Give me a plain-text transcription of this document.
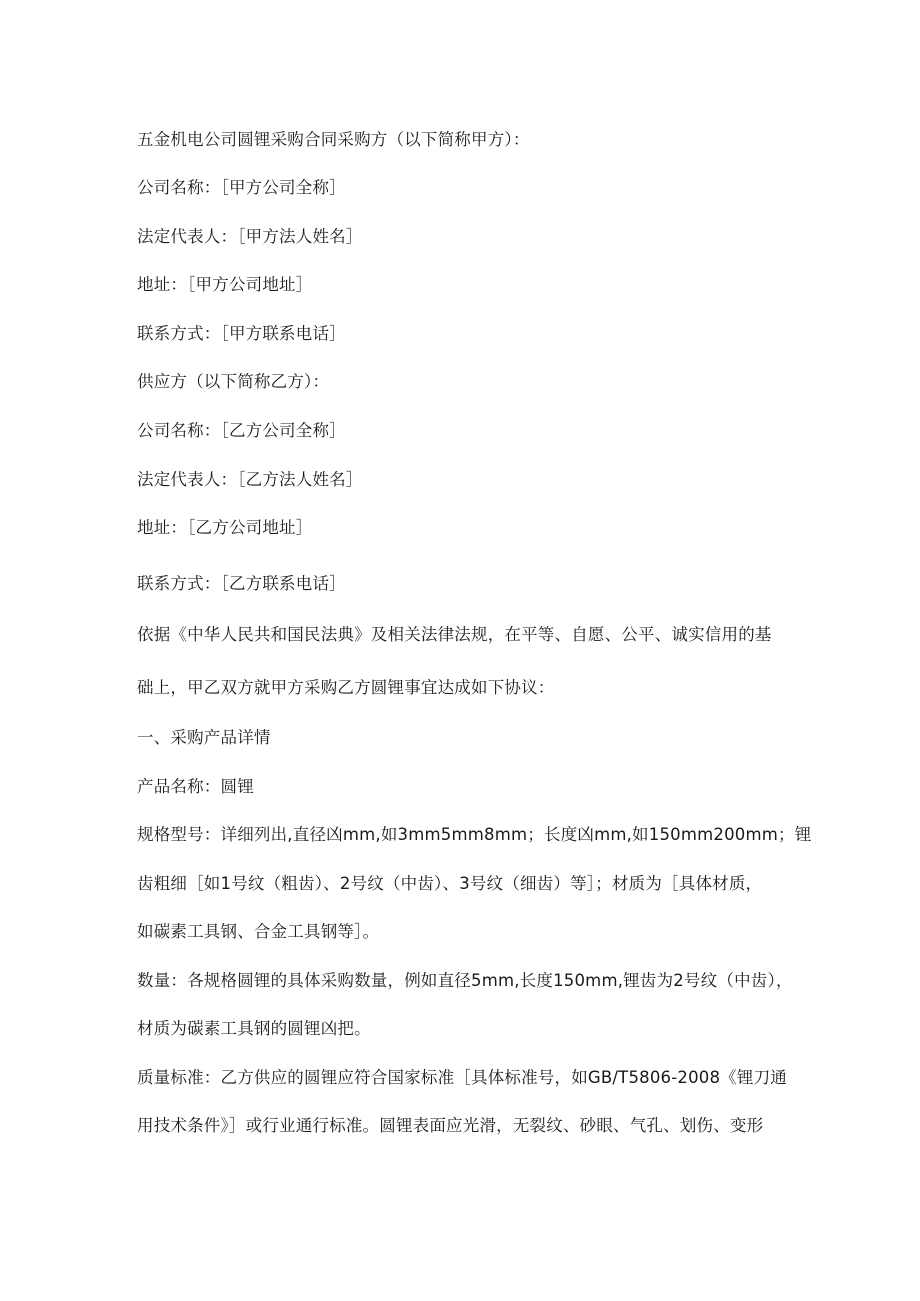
五金机电公司圆锂采购合同采购方（以下简称甲方）：
公司名称：［甲方公司全称］
法定代表人：［甲方法人姓名］
地址：［甲方公司地址］
联系方式：［甲方联系电话］
供应方（以下简称乙方）：
公司名称：［乙方公司全称］
法定代表人：［乙方法人姓名］
地址：［乙方公司地址］
联系方式：［乙方联系电话］
依据《中华人民共和国民法典》及相关法律法规，在平等、自愿、公平、诚实信用的基
础上，甲乙双方就甲方采购乙方圆锂事宜达成如下协议：
一、采购产品详情
产品名称：圆锂
规格型号：详细列出,直径凶mm,如3mm5mm8mm；长度凶mm,如150mm200mm；锂
齿粗细［如1号纹（粗齿）、2号纹（中齿）、3号纹（细齿）等］；材质为［具体材质，
如碳素工具钢、合金工具钢等］。
数量：各规格圆锂的具体采购数量，例如直径5mm,长度150mm,锂齿为2号纹（中齿），
材质为碳素工具钢的圆锂凶把。
质量标准：乙方供应的圆锂应符合国家标准［具体标准号，如GB/T5806-2008《锂刀通
用技术条件》］或行业通行标准。圆锂表面应光滑，无裂纹、砂眼、气孔、划伤、变形
